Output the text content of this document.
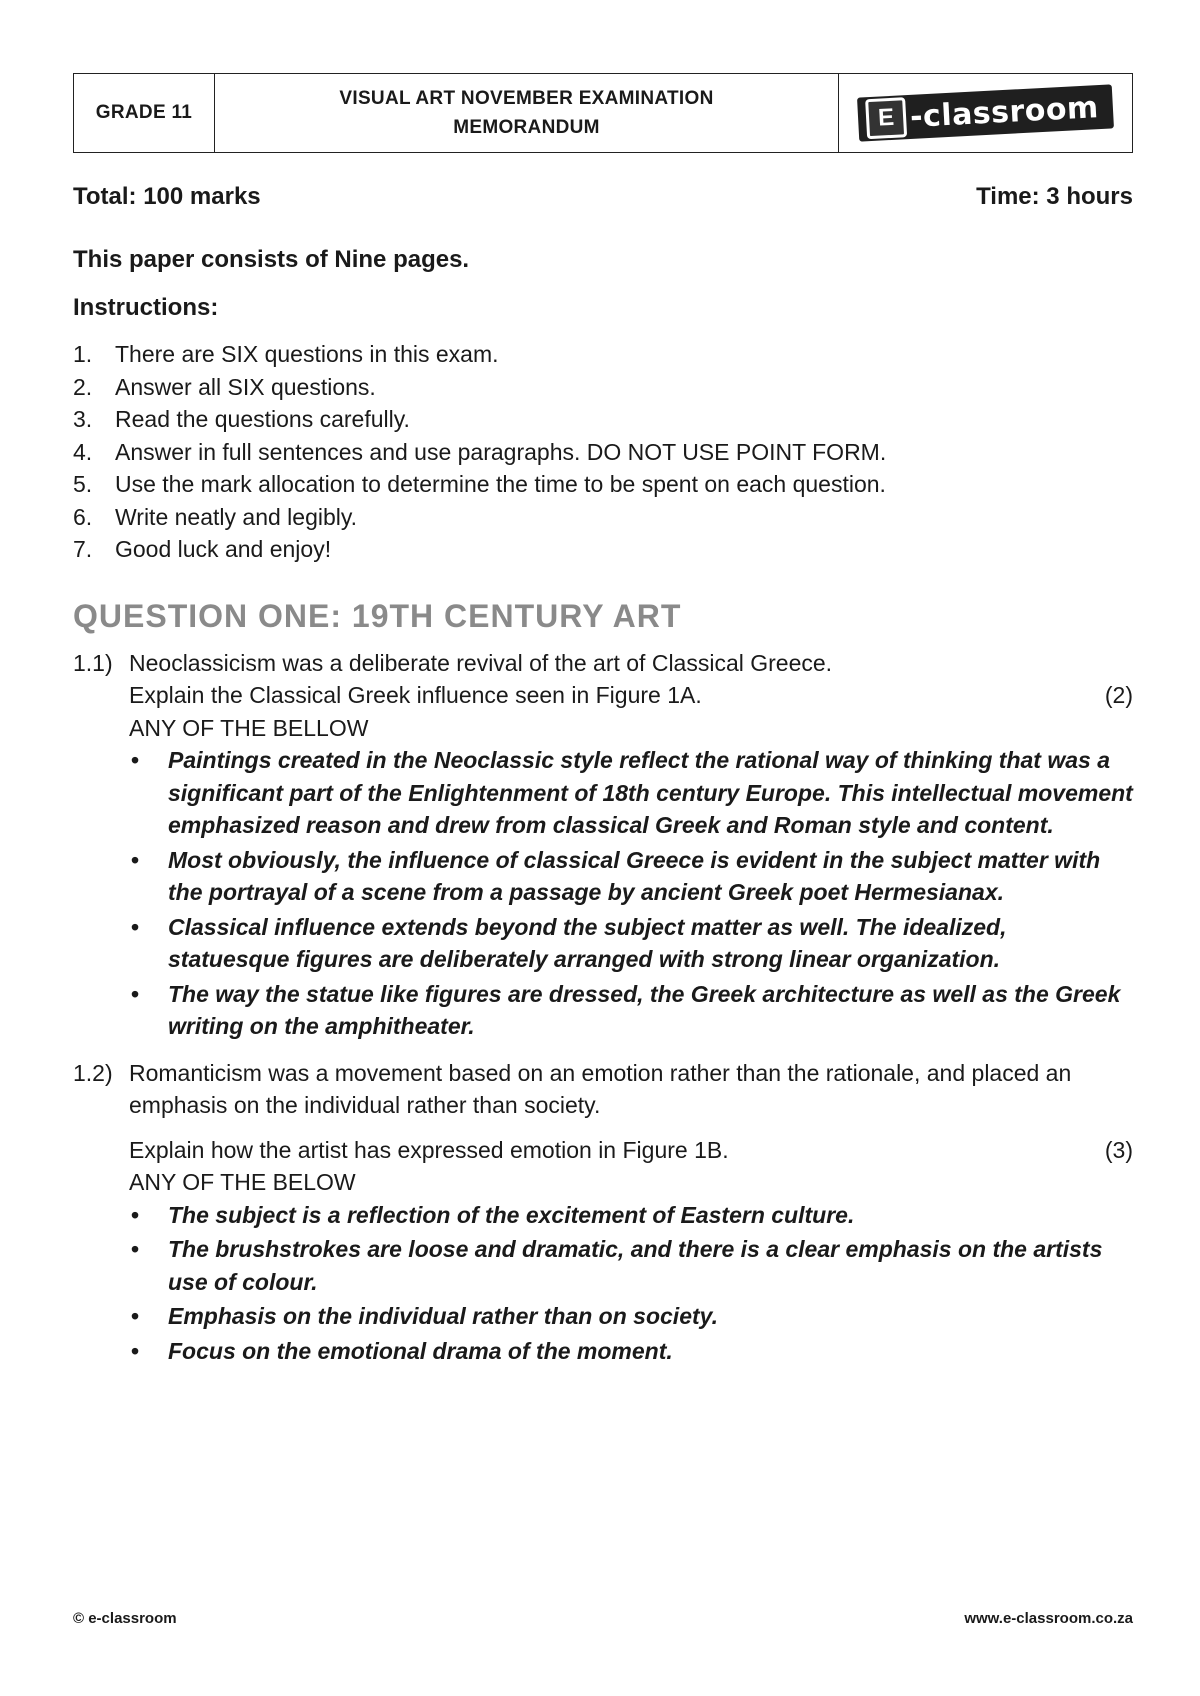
GRADE 11
VISUAL ART NOVEMBER EXAMINATION
MEMORANDUM	E -classroom
Total: 100 marks	Time: 3 hours
This paper consists of Nine pages.
Instructions:
1. There are SIX questions in this exam.
2. Answer all SIX questions.
3. Read the questions carefully.
4. Answer in full sentences and use paragraphs. DO NOT USE POINT FORM.
5. Use the mark allocation to determine the time to be spent on each question.
6. Write neatly and legibly.
7. Good luck and enjoy!
QUESTION ONE: 19TH CENTURY ART
1.1) Neoclassicism was a deliberate revival of the art of Classical Greece.
Explain the Classical Greek influence seen in Figure 1A.	(2)
ANY OF THE BELLOW
•	Paintings created in the Neoclassic style reflect the rational way of thinking that was a significant part of the Enlightenment of 18th century Europe. This intellectual movement emphasized reason and drew from classical Greek and Roman style and content.
•	Most obviously, the influence of classical Greece is evident in the subject matter with the portrayal of a scene from a passage by ancient Greek poet Hermesianax.
•	Classical influence extends beyond the subject matter as well. The idealized, statuesque figures are deliberately arranged with strong linear organization.
•	The way the statue like figures are dressed, the Greek architecture as well as the Greek writing on the amphitheater.
1.2) Romanticism was a movement based on an emotion rather than the rationale, and placed an emphasis on the individual rather than society.
Explain how the artist has expressed emotion in Figure 1B.	(3)
ANY OF THE BELOW
•	The subject is a reflection of the excitement of Eastern culture.
•	The brushstrokes are loose and dramatic, and there is a clear emphasis on the artists use of colour.
•	Emphasis on the individual rather than on society.
•	Focus on the emotional drama of the moment.
© e-classroom	www.e-classroom.co.za
